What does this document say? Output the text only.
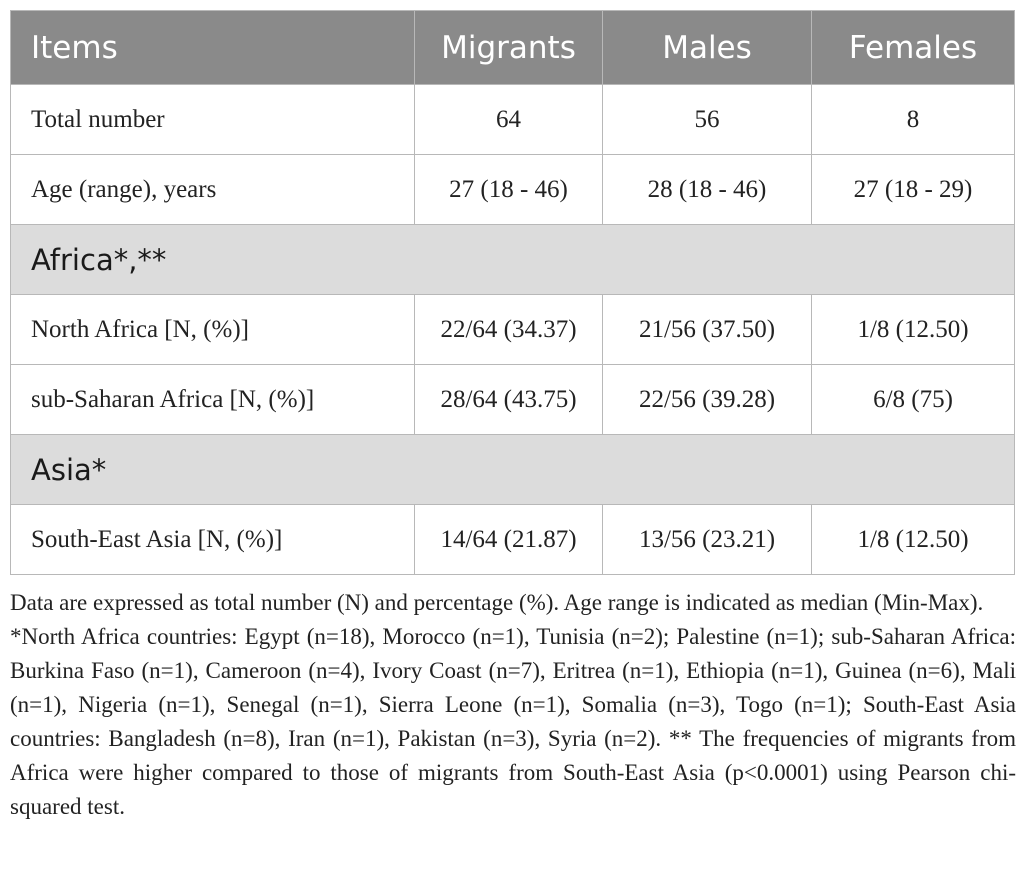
Items	Migrants	Males	Females
Total number	64	56	8
Age (range), years	27 (18 - 46)	28 (18 - 46)	27 (18 - 29)
Africa*,**			
North Africa [N, (%)]	22/64 (34.37)	21/56 (37.50)	1/8 (12.50)
sub-Saharan Africa [N, (%)]	28/64 (43.75)	22/56 (39.28)	6/8 (75)
Asia*			
South-East Asia [N, (%)]	14/64 (21.87)	13/56 (23.21)	1/8 (12.50)

Data are expressed as total number (N) and percentage (%). Age range is indicated as median (Min-Max).

*North Africa countries: Egypt (n=18), Morocco (n=1), Tunisia (n=2); Palestine (n=1); sub-Saharan Africa: Burkina Faso (n=1), Cameroon (n=4), Ivory Coast (n=7), Eritrea (n=1), Ethiopia (n=1), Guinea (n=6), Mali (n=1), Nigeria (n=1), Senegal (n=1), Sierra Leone (n=1), Somalia (n=3), Togo (n=1); South-East Asia countries: Bangladesh (n=8), Iran (n=1), Pakistan (n=3), Syria (n=2). ** The frequencies of migrants from Africa were higher compared to those of migrants from South-East Asia (p<0.0001) using Pearson chi-squared test.
